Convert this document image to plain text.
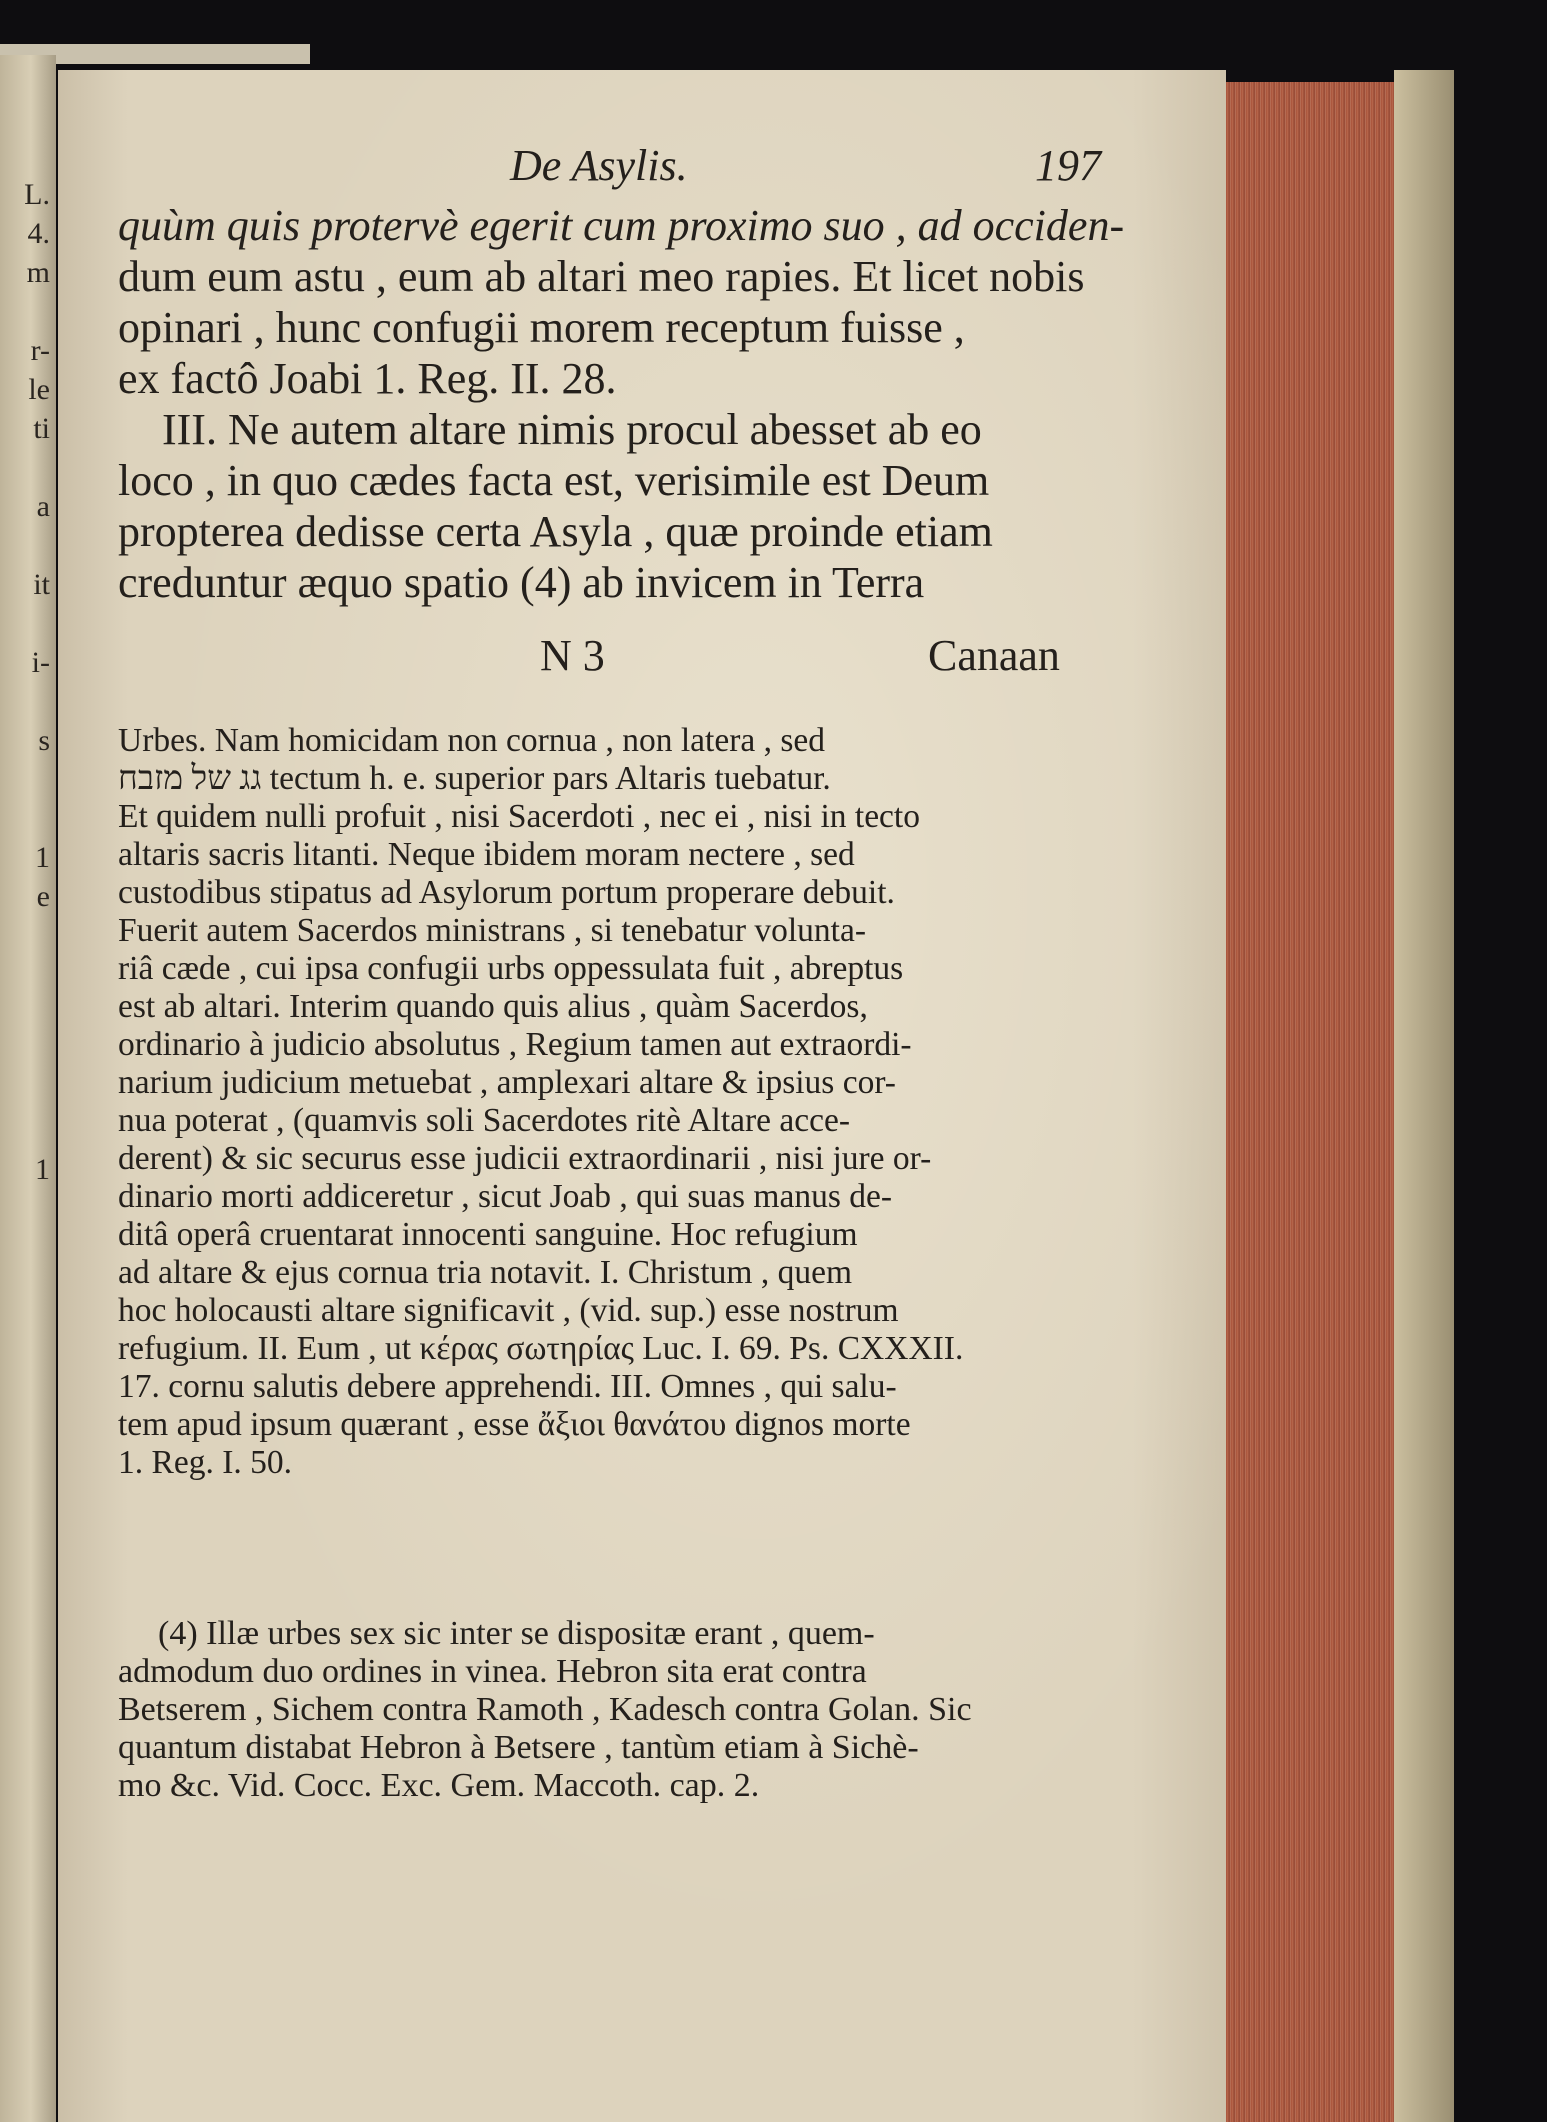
L.
4.
m
r-
le
ti
a
it
i-
s
1
e
1
De Asylis.	197
quùm quis protervè egerit cum proximo suo , ad occiden-
dum eum astu , eum ab altari meo rapies. Et licet nobis
opinari , hunc confugii morem receptum fuisse ,
ex factô Joabi 1. Reg. II. 28.
III. Ne autem altare nimis procul abesset ab eo
loco , in quo cædes facta est, verisimile est Deum
propterea dedisse certa Asyla , quæ proinde etiam
creduntur æquo spatio (4) ab invicem in Terra
N 3	Canaan
Urbes. Nam homicidam non cornua , non latera , sed
גג של מזבח tectum h. e. superior pars Altaris tuebatur.
Et quidem nulli profuit , nisi Sacerdoti , nec ei , nisi in tecto
altaris sacris litanti. Neque ibidem moram nectere , sed
custodibus stipatus ad Asylorum portum properare debuit.
Fuerit autem Sacerdos ministrans , si tenebatur volunta-
riâ cæde , cui ipsa confugii urbs oppessulata fuit , abreptus
est ab altari. Interim quando quis alius , quàm Sacerdos,
ordinario à judicio absolutus , Regium tamen aut extraordi-
narium judicium metuebat , amplexari altare & ipsius cor-
nua poterat , (quamvis soli Sacerdotes ritè Altare acce-
derent) & sic securus esse judicii extraordinarii , nisi jure or-
dinario morti addiceretur , sicut Joab , qui suas manus de-
ditâ operâ cruentarat innocenti sanguine. Hoc refugium
ad altare & ejus cornua tria notavit. I. Christum , quem
hoc holocausti altare significavit , (vid. sup.) esse nostrum
refugium. II. Eum , ut κέρας σωτηρίας Luc. I. 69. Ps. CXXXII.
17. cornu salutis debere apprehendi. III. Omnes , qui salu-
tem apud ipsum quærant , esse ἄξιοι θανάτου dignos morte
1. Reg. I. 50.
(4) Illæ urbes sex sic inter se dispositæ erant , quem-
admodum duo ordines in vinea. Hebron sita erat contra
Betserem , Sichem contra Ramoth , Kadesch contra Golan. Sic
quantum distabat Hebron à Betsere , tantùm etiam à Sichè-
mo &c. Vid. Cocc. Exc. Gem. Maccoth. cap. 2.
